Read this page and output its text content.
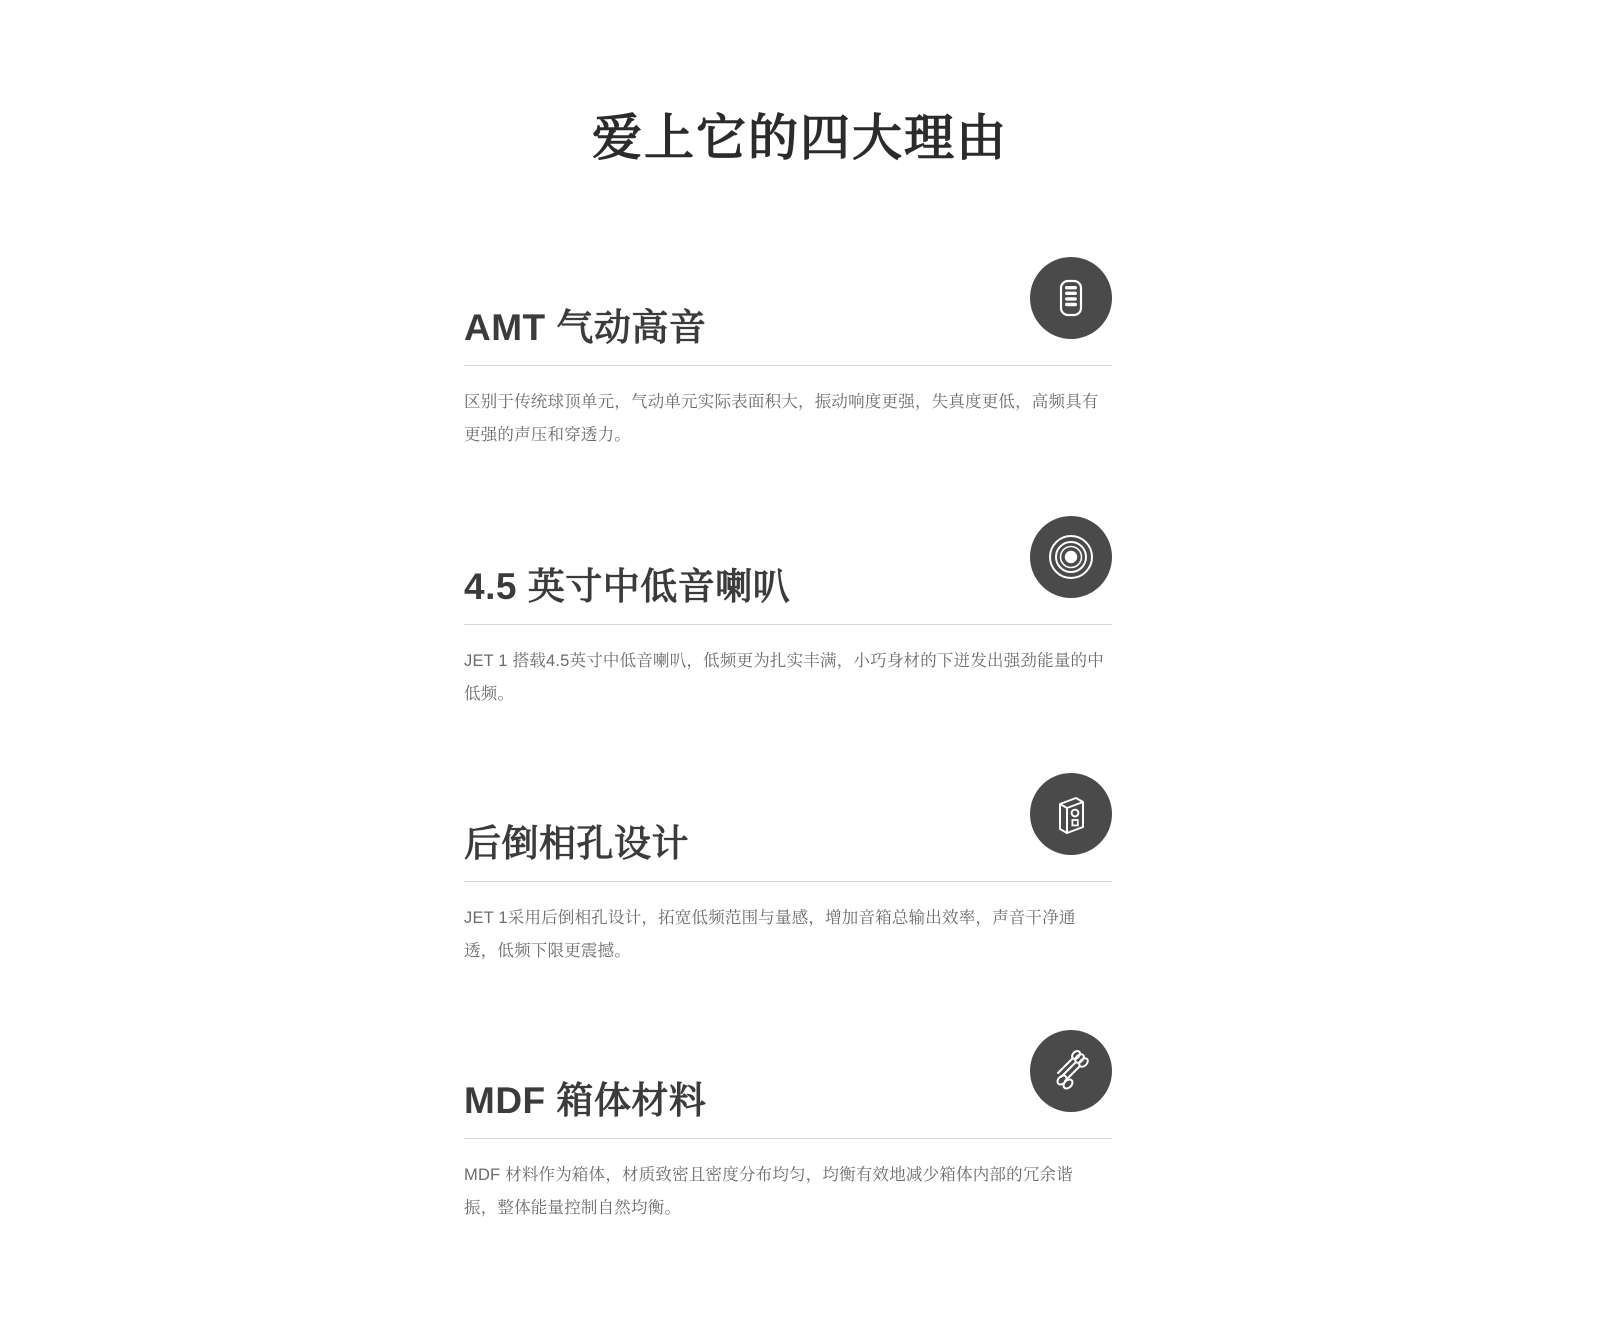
爱上它的四大理由
AMT 气动高音
区别于传统球顶单元，气动单元实际表面积大，振动响度更强，失真度更低，高频具有更强的声压和穿透力。
4.5 英寸中低音喇叭
JET 1 搭载4.5英寸中低音喇叭，低频更为扎实丰满，小巧身材的下迸发出强劲能量的中低频。
后倒相孔设计
JET 1采用后倒相孔设计，拓宽低频范围与量感，增加音箱总输出效率，声音干净通透，低频下限更震撼。
MDF 箱体材料
MDF 材料作为箱体，材质致密且密度分布均匀，均衡有效地减少箱体内部的冗余谐振，整体能量控制自然均衡。
